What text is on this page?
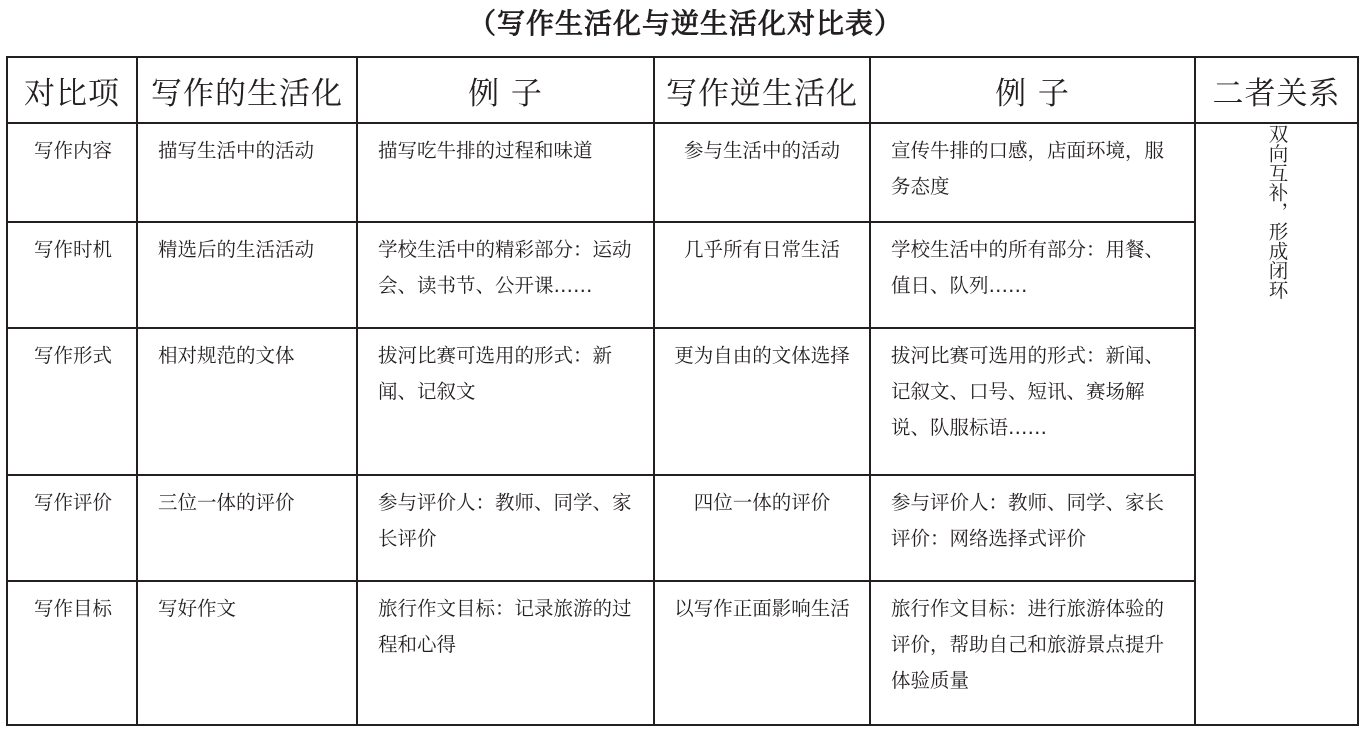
（写作生活化与逆生活化对比表）
对比项	写作的生活化	例 子	写作逆生活化	例 子	二者关系

写作内容	描写生活中的活动	描写吃牛排的过程和味道	参与生活中的活动	宣传牛排的口感，店面环境，服务态度	双向互补，形成闭环

写作时机	精选后的生活活动	学校生活中的精彩部分：运动会、读书节、公开课……	几乎所有日常生活	学校生活中的所有部分：用餐、值日、队列……	

写作形式	相对规范的文体	拔河比赛可选用的形式：新闻、记叙文	更为自由的文体选择	拔河比赛可选用的形式：新闻、记叙文、口号、短讯、赛场解说、队服标语……	

写作评价	三位一体的评价	参与评价人：教师、同学、家长评价	四位一体的评价	参与评价人：教师、同学、家长评价：网络选择式评价	

写作目标	写好作文	旅行作文目标：记录旅游的过程和心得	以写作正面影响生活	旅行作文目标：进行旅游体验的评价，帮助自己和旅游景点提升体验质量	
